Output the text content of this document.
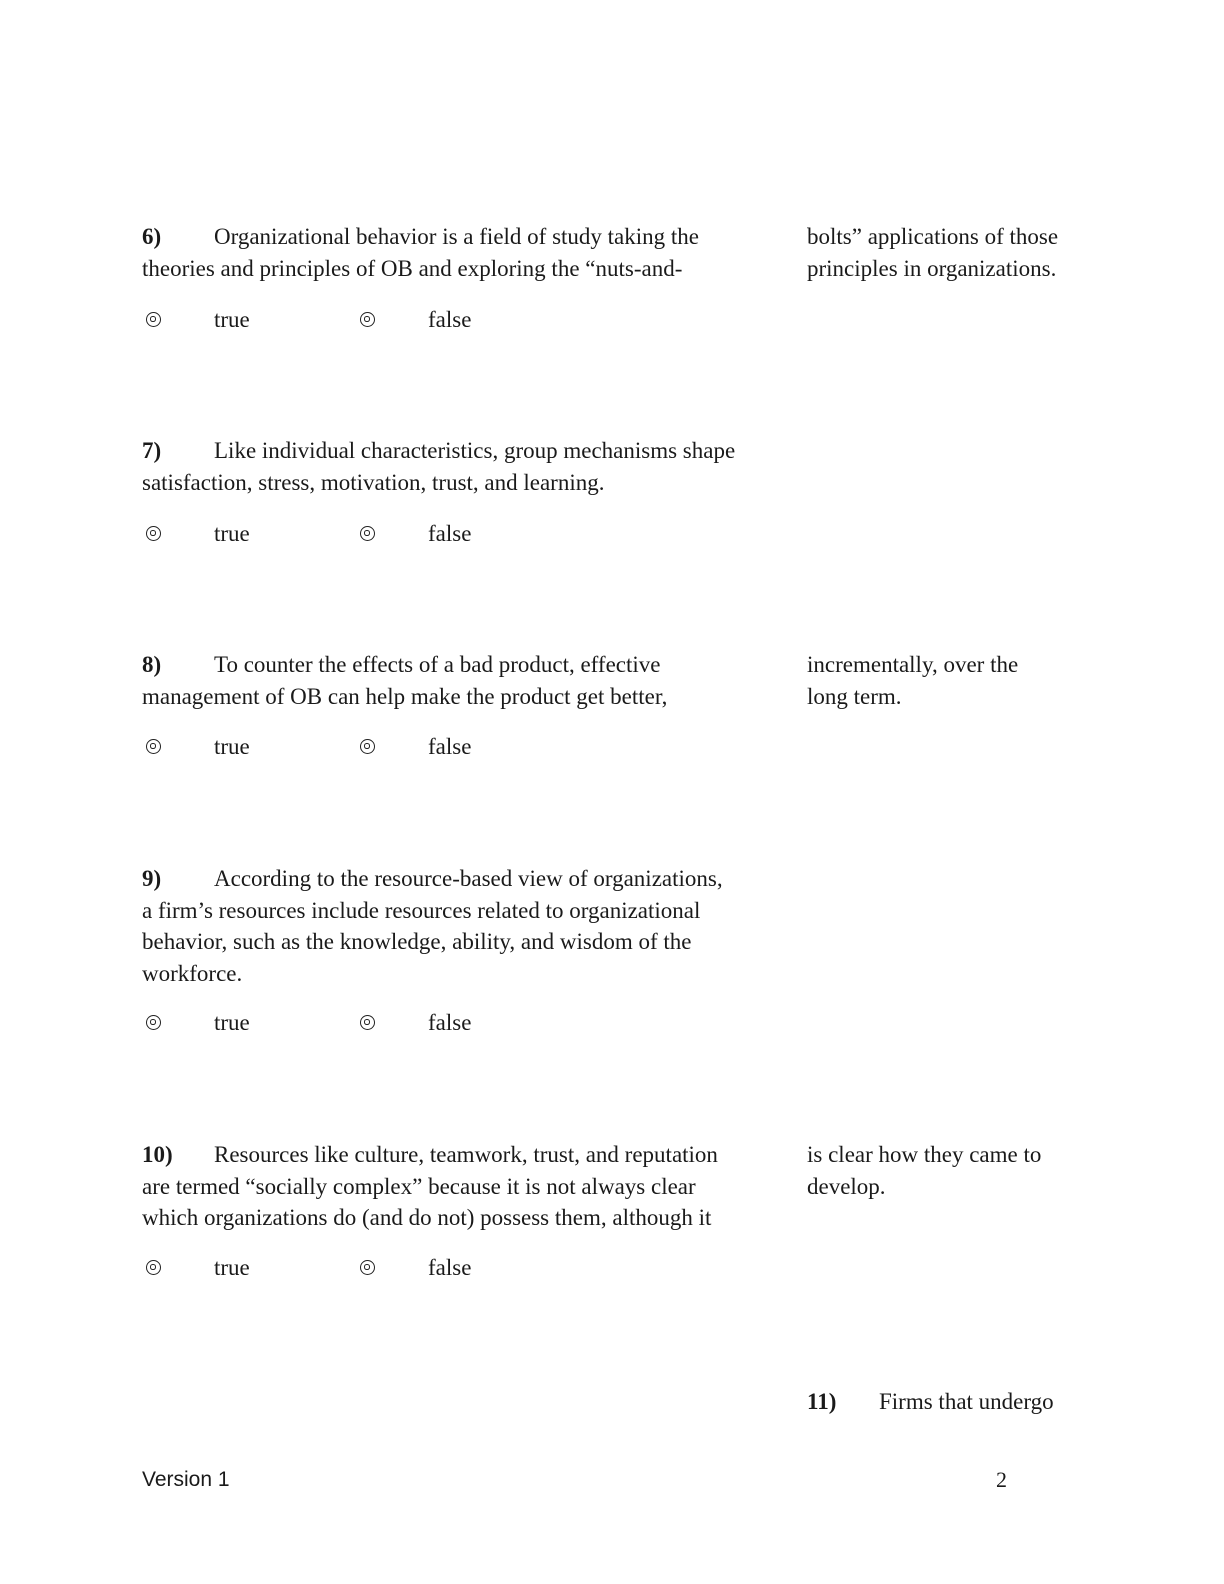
6) Organizational behavior is a field of study taking the theories and principles of OB and exploring the “nuts-and-
bolts” applications of those principles in organizations.
true	false
7) Like individual characteristics, group mechanisms shape satisfaction, stress, motivation, trust, and learning.
true	false
8) To counter the effects of a bad product, effective management of OB can help make the product get better,
incrementally, over the long term.
true	false
9) According to the resource-based view of organizations, a firm’s resources include resources related to organizational behavior, such as the knowledge, ability, and wisdom of the workforce.
true	false
10) Resources like culture, teamwork, trust, and reputation are termed “socially complex” because it is not always clear which organizations do (and do not) possess them, although it
is clear how they came to develop.
true	false
11) Firms that undergo
Version 1	2
